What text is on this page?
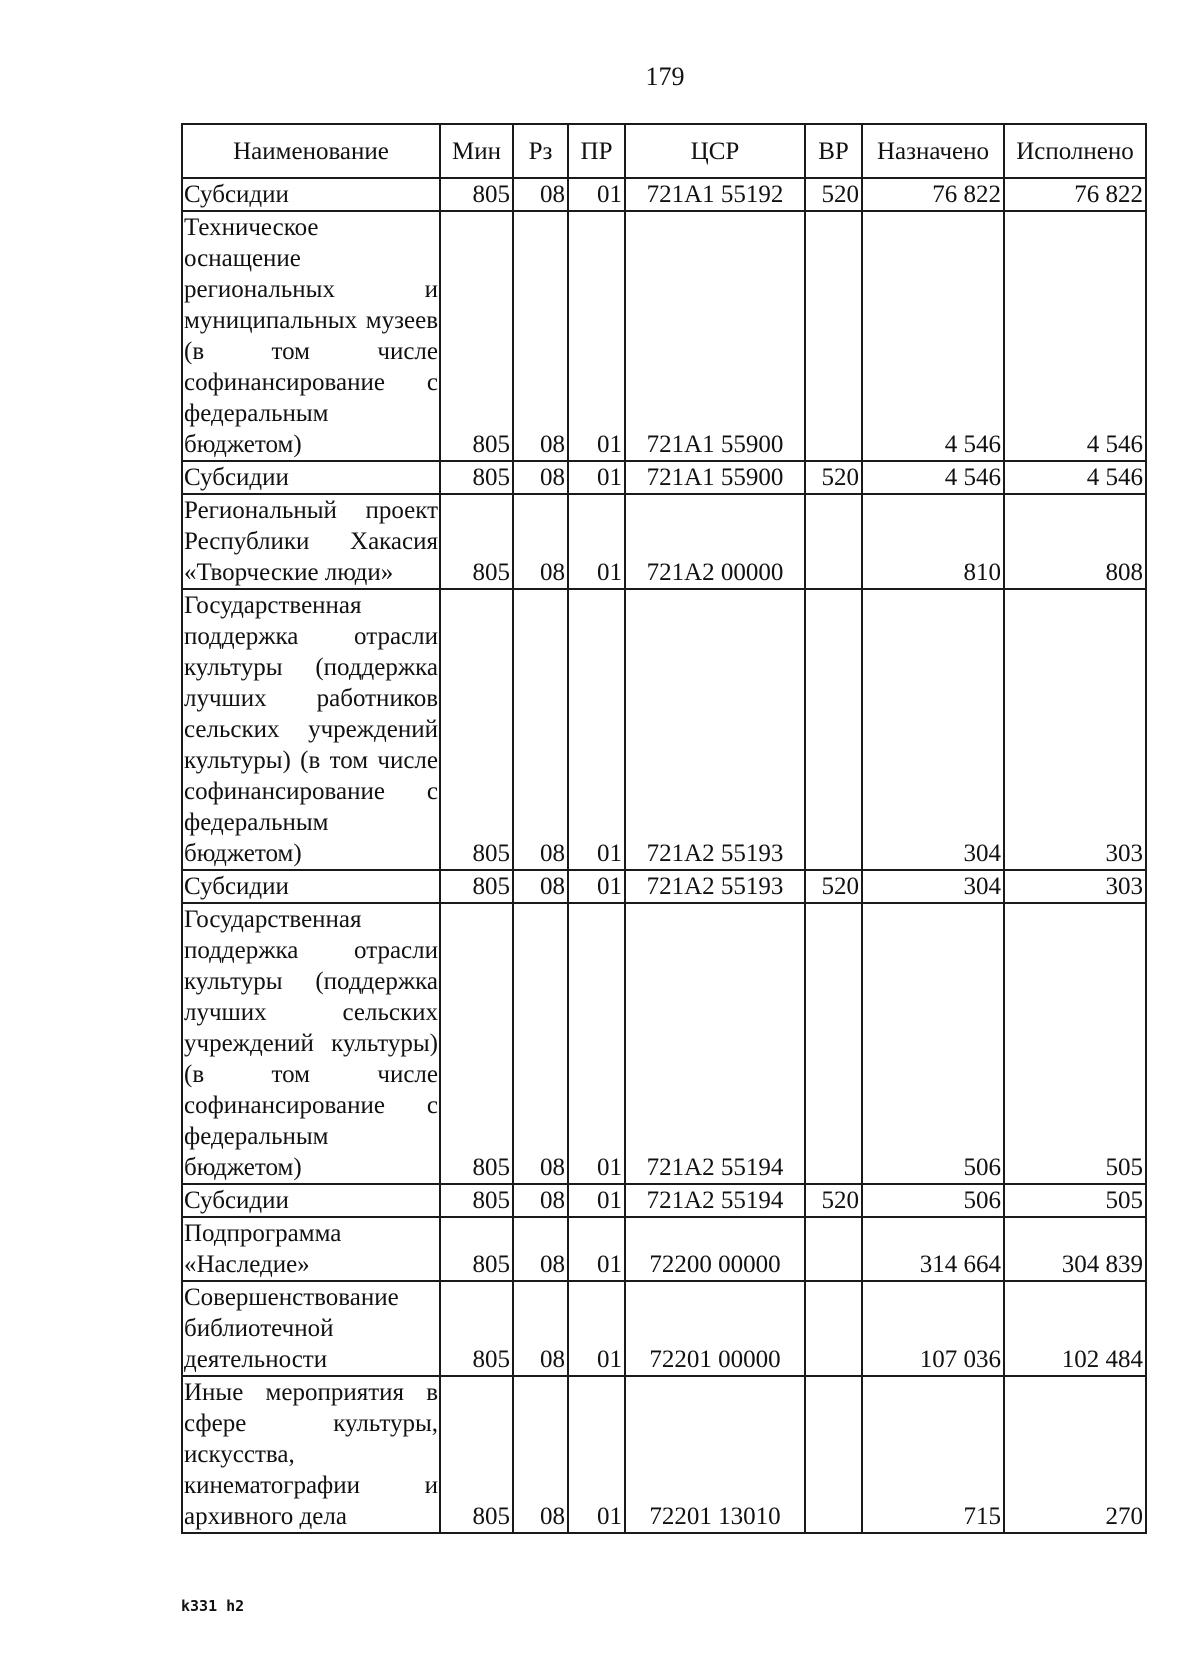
179
Наименование	Мин	Рз	ПР	ЦСР	ВР	Назначено	Исполнено
Субсидии	805	08	01	721A1 55192	520	76 822	76 822
Техническое оснащение региональных и муниципальных музеев (в том числе софинансирование с федеральным бюджетом)	805	08	01	721A1 55900		4 546	4 546
Субсидии	805	08	01	721A1 55900	520	4 546	4 546
Региональный проект Республики Хакасия «Творческие люди»	805	08	01	721A2 00000		810	808
Государственная поддержка отрасли культуры (поддержка лучших работников сельских учреждений культуры) (в том числе софинансирование с федеральным бюджетом)	805	08	01	721A2 55193		304	303
Субсидии	805	08	01	721A2 55193	520	304	303
Государственная поддержка отрасли культуры (поддержка лучших сельских учреждений культуры) (в том числе софинансирование с федеральным бюджетом)	805	08	01	721A2 55194		506	505
Субсидии	805	08	01	721A2 55194	520	506	505
Подпрограмма «Наследие»	805	08	01	72200 00000		314 664	304 839
Совершенствование библиотечной деятельности	805	08	01	72201 00000		107 036	102 484
Иные мероприятия в сфере культуры, искусства, кинематографии и архивного дела	805	08	01	72201 13010		715	270
k331 h2
